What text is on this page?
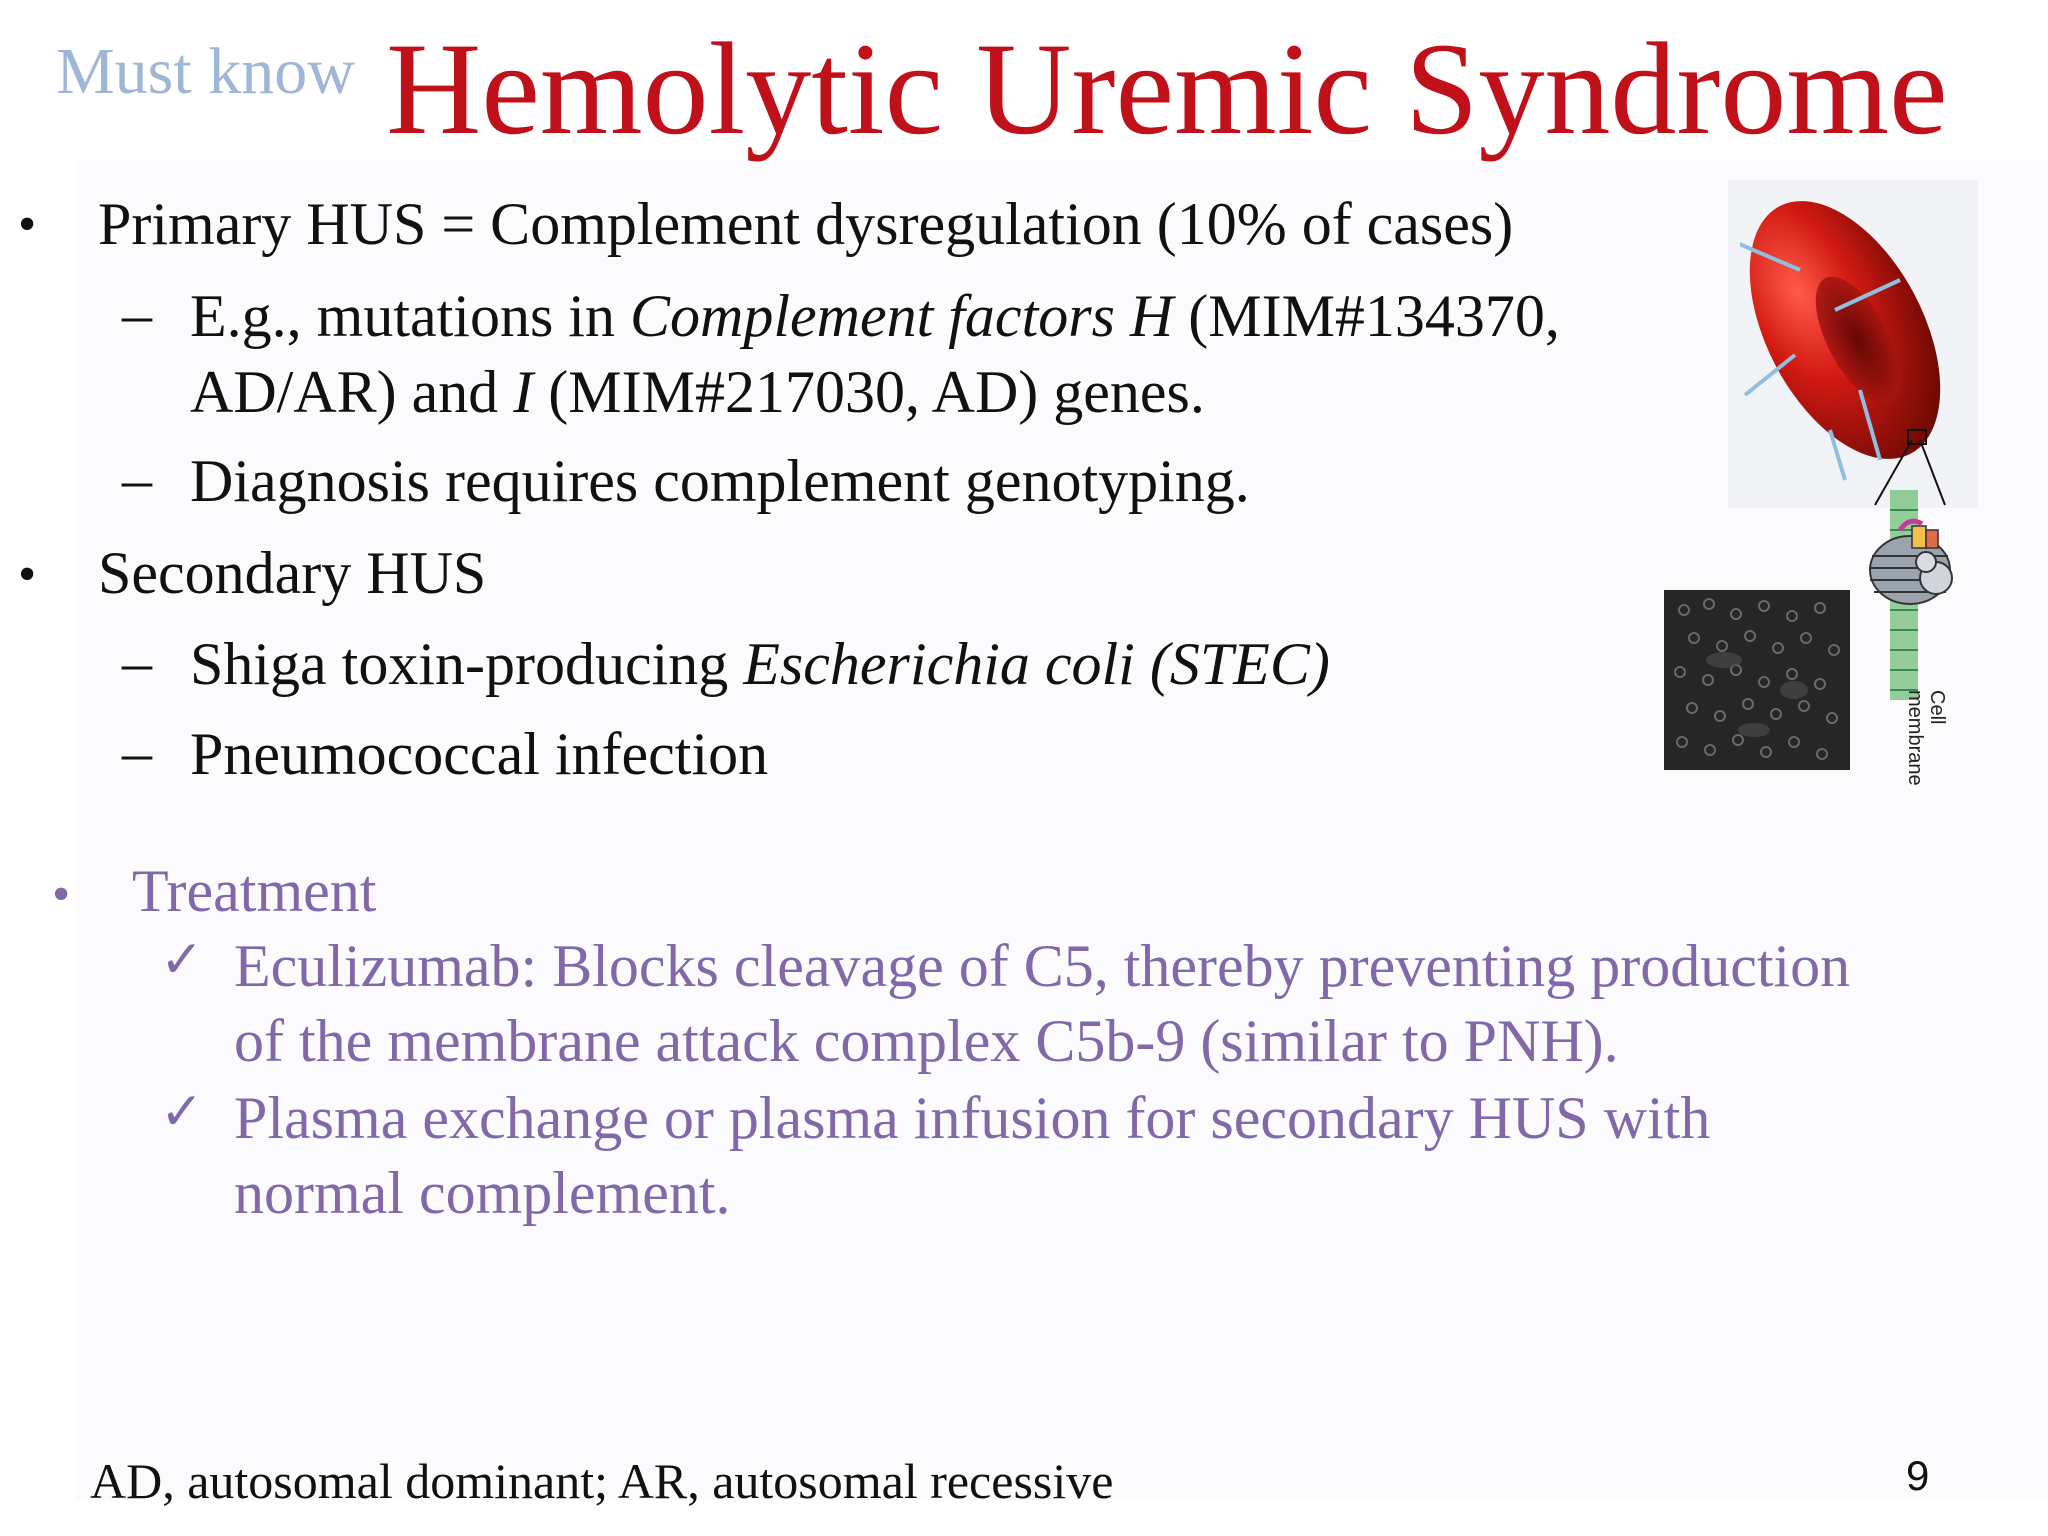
Must know Hemolytic Uremic Syndrome
• Primary HUS = Complement dysregulation (10% of cases)
– E.g., mutations in Complement factors H (MIM#134370,
AD/AR) and I (MIM#217030, AD) genes.
– Diagnosis requires complement genotyping.
• Secondary HUS
– Shiga toxin-producing Escherichia coli (STEC)
– Pneumococcal infection
• Treatment
✓ Eculizumab: Blocks cleavage of C5, thereby preventing production
of the membrane attack complex C5b-9 (similar to PNH).
✓ Plasma exchange or plasma infusion for secondary HUS with
normal complement.
Cell
membrane
AD, autosomal dominant; AR, autosomal recessive	9
